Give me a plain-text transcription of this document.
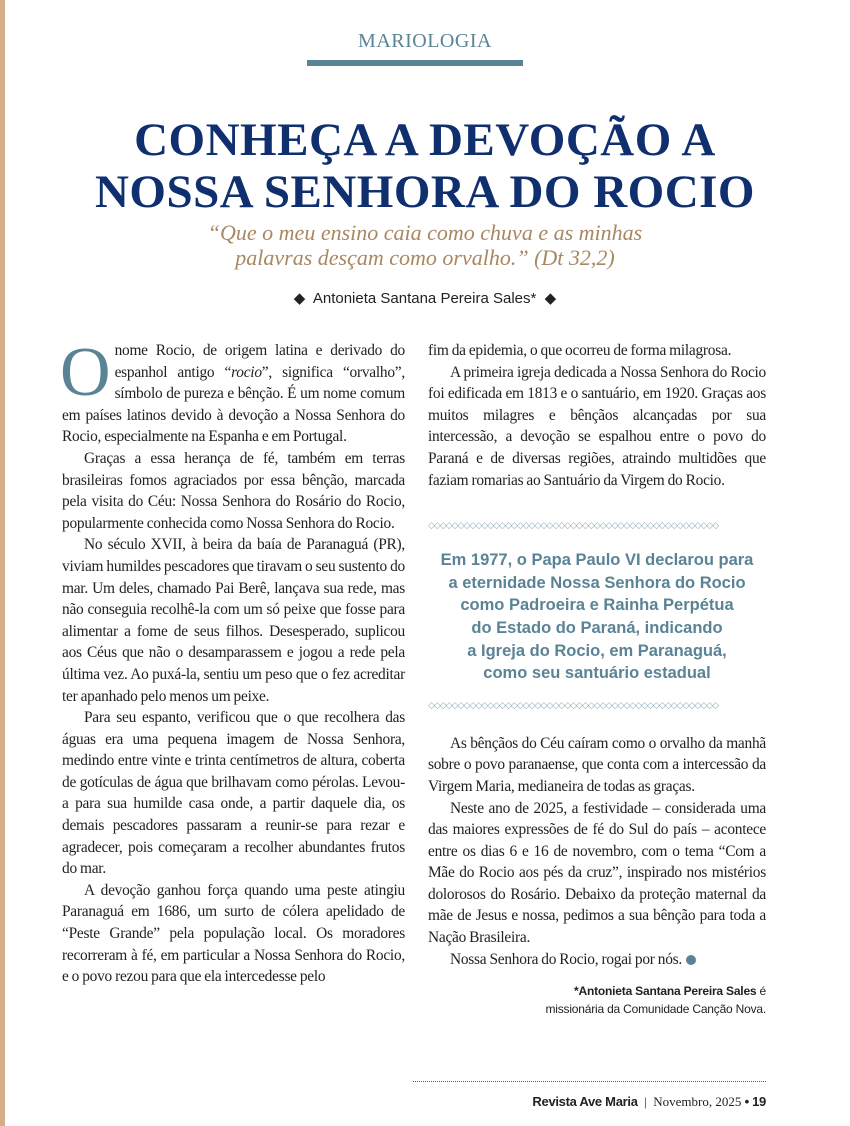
MARIOLOGIA
CONHEÇA A DEVOÇÃO A
NOSSA SENHORA DO ROCIO
“Que o meu ensino caia como chuva e as minhas
palavras desçam como orvalho.” (Dt 32,2)
◆ Antonieta Santana Pereira Sales* ◆

Onome Rocio, de origem latina e derivado do espanhol antigo “rocio”, significa “orvalho”, símbolo de pureza e bênção. É um nome comum em países latinos devido à devoção a Nossa Senhora do Rocio, especialmente na Espanha e em Portugal.

Graças a essa herança de fé, também em terras brasileiras fomos agraciados por essa bênção, marcada pela visita do Céu: Nossa Senhora do Rosário do Rocio, popularmente conhecida como Nossa Senhora do Rocio.

No século XVII, à beira da baía de Paranaguá (PR), viviam humildes pescadores que tiravam o seu sustento do mar. Um deles, chamado Pai Berê, lançava sua rede, mas não conseguia recolhê-la com um só peixe que fosse para alimentar a fome de seus filhos. Desesperado, suplicou aos Céus que não o desamparassem e jogou a rede pela última vez. Ao puxá-la, sentiu um peso que o fez acreditar ter apanhado pelo menos um peixe.

Para seu espanto, verificou que o que recolhera das águas era uma pequena imagem de Nossa Senhora, medindo entre vinte e trinta centímetros de altura, coberta de gotículas de água que brilhavam como pérolas. Levou-a para sua humilde casa onde, a partir daquele dia, os demais pescadores passaram a reunir-se para rezar e agradecer, pois começaram a recolher abundantes frutos do mar.

A devoção ganhou força quando uma peste atingiu Paranaguá em 1686, um surto de cólera apelidado de “Peste Grande” pela população local. Os moradores recorreram à fé, em particular a Nossa Senhora do Rocio, e o povo rezou para que ela intercedesse pelo

fim da epidemia, o que ocorreu de forma milagrosa.

A primeira igreja dedicada a Nossa Senhora do Rocio foi edificada em 1813 e o santuário, em 1920. Graças aos muitos milagres e bênçãos alcançadas por sua intercessão, a devoção se espalhou entre o povo do Paraná e de diversas regiões, atraindo multidões que faziam romarias ao Santuário da Virgem do Rocio.

◇◇◇◇◇◇◇◇◇◇◇◇◇◇◇◇◇◇◇◇◇◇◇◇◇◇◇◇◇◇◇◇◇◇◇◇◇◇◇◇◇◇◇◇◇◇◇◇◇
Em 1977, o Papa Paulo VI declarou para
a eternidade Nossa Senhora do Rocio
como Padroeira e Rainha Perpétua
do Estado do Paraná, indicando
a Igreja do Rocio, em Paranaguá,
como seu santuário estadual
◇◇◇◇◇◇◇◇◇◇◇◇◇◇◇◇◇◇◇◇◇◇◇◇◇◇◇◇◇◇◇◇◇◇◇◇◇◇◇◇◇◇◇◇◇◇◇◇◇

As bênçãos do Céu caíram como o orvalho da manhã sobre o povo paranaense, que conta com a intercessão da Virgem Maria, medianeira de todas as graças.

Neste ano de 2025, a festividade – considerada uma das maiores expressões de fé do Sul do país – acontece entre os dias 6 e 16 de novembro, com o tema “Com a Mãe do Rocio aos pés da cruz”, inspirado nos mistérios dolorosos do Rosário. Debaixo da proteção maternal da mãe de Jesus e nossa, pedimos a sua bênção para toda a Nação Brasileira.

Nossa Senhora do Rocio, rogai por nós.

*Antonieta Santana Pereira Sales é
missionária da Comunidade Canção Nova.
Revista Ave Maria | Novembro, 2025 • 19
